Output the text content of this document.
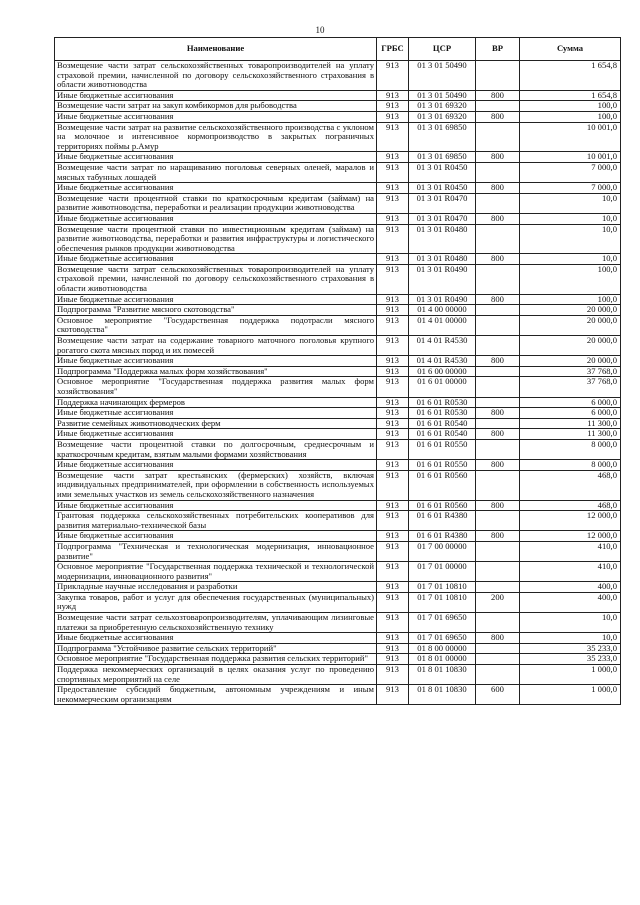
10
Наименование	ГРБС	ЦСР	ВР	Сумма
Возмещение части затрат сельскохозяйственных товаропроизводителей на уплату страховой премии, начисленной по договору сельскохозяйственного страхования в области животноводства	913	01 3 01 50490		1 654,8
Иные бюджетные ассигнования	913	01 3 01 50490	800	1 654,8
Возмещение части затрат на закуп комбикормов для рыбоводства	913	01 3 01 69320		100,0
Иные бюджетные ассигнования	913	01 3 01 69320	800	100,0
Возмещение части затрат на развитие сельскохозяйственного производства с уклоном на молочное и интенсивное кормопроизводство в закрытых пограничных территориях поймы р.Амур	913	01 3 01 69850		10 001,0
Иные бюджетные ассигнования	913	01 3 01 69850	800	10 001,0
Возмещение части затрат по наращиванию поголовья северных оленей, маралов и мясных табунных лошадей	913	01 3 01 R0450		7 000,0
Иные бюджетные ассигнования	913	01 3 01 R0450	800	7 000,0
Возмещение части процентной ставки по краткосрочным кредитам (займам) на развитие животноводства, переработки и реализации продукции животноводства	913	01 3 01 R0470		10,0
Иные бюджетные ассигнования	913	01 3 01 R0470	800	10,0
Возмещение части процентной ставки по инвестиционным кредитам (займам) на развитие животноводства, переработки и развития инфраструктуры и логистического обеспечения рынков продукции животноводства	913	01 3 01 R0480		10,0
Иные бюджетные ассигнования	913	01 3 01 R0480	800	10,0
Возмещение части затрат сельскохозяйственных товаропроизводителей на уплату страховой премии, начисленной по договору сельскохозяйственного страхования в области животноводства	913	01 3 01 R0490		100,0
Иные бюджетные ассигнования	913	01 3 01 R0490	800	100,0
Подпрограмма "Развитие мясного скотоводства"	913	01 4 00 00000		20 000,0
Основное мероприятие "Государственная поддержка подотрасли мясного скотоводства"	913	01 4 01 00000		20 000,0
Возмещение части затрат на содержание товарного маточного поголовья крупного рогатого скота мясных пород и их помесей	913	01 4 01 R4530		20 000,0
Иные бюджетные ассигнования	913	01 4 01 R4530	800	20 000,0
Подпрограмма "Поддержка малых форм хозяйствования"	913	01 6 00 00000		37 768,0
Основное мероприятие "Государственная поддержка развития малых форм хозяйствования"	913	01 6 01 00000		37 768,0
Поддержка начинающих фермеров	913	01 6 01 R0530		6 000,0
Иные бюджетные ассигнования	913	01 6 01 R0530	800	6 000,0
Развитие семейных животноводческих ферм	913	01 6 01 R0540		11 300,0
Иные бюджетные ассигнования	913	01 6 01 R0540	800	11 300,0
Возмещение части процентной ставки по долгосрочным, среднесрочным и краткосрочным кредитам, взятым малыми формами хозяйствования	913	01 6 01 R0550		8 000,0
Иные бюджетные ассигнования	913	01 6 01 R0550	800	8 000,0
Возмещение части затрат крестьянских (фермерских) хозяйств, включая индивидуальных предпринимателей, при оформлении в собственность используемых ими земельных участков из земель сельскохозяйственного назначения	913	01 6 01 R0560		468,0
Иные бюджетные ассигнования	913	01 6 01 R0560	800	468,0
Грантовая поддержка сельскохозяйственных потребительских кооперативов для развития материально-технической базы	913	01 6 01 R4380		12 000,0
Иные бюджетные ассигнования	913	01 6 01 R4380	800	12 000,0
Подпрограмма "Техническая и технологическая модернизация, инновационное развитие"	913	01 7 00 00000		410,0
Основное мероприятие "Государственная поддержка технической и технологической модернизации, инновационного развития"	913	01 7 01 00000		410,0
Прикладные научные исследования и разработки	913	01 7 01 10810		400,0
Закупка товаров, работ и услуг для обеспечения государственных (муниципальных) нужд	913	01 7 01 10810	200	400,0
Возмещение части затрат сельхозтоваропроизводителям, уплачивающим лизинговые платежи за приобретенную сельскохозяйственную технику	913	01 7 01 69650		10,0
Иные бюджетные ассигнования	913	01 7 01 69650	800	10,0
Подпрограмма "Устойчивое развитие сельских территорий"	913	01 8 00 00000		35 233,0
Основное мероприятие "Государственная поддержка развития сельских территорий"	913	01 8 01 00000		35 233,0
Поддержка некоммерческих организаций в целях оказания услуг по проведению спортивных мероприятий на селе	913	01 8 01 10830		1 000,0
Предоставление субсидий бюджетным, автономным учреждениям и иным некоммерческим организациям	913	01 8 01 10830	600	1 000,0
